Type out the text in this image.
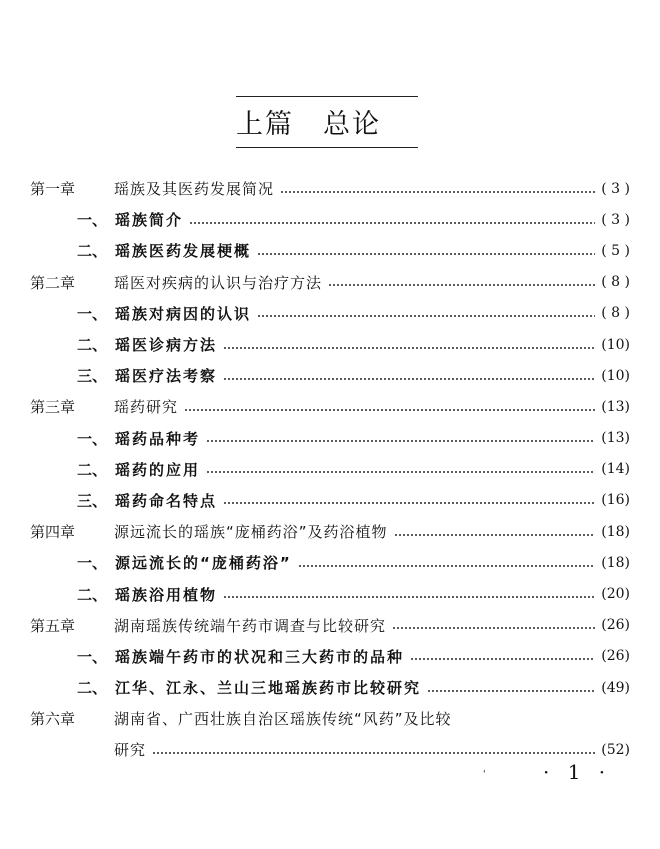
上篇　总论
第一章	瑶族及其医药发展简况	( 3 )
一、 瑶族简介	( 3 )
二、 瑶族医药发展梗概	( 5 )
第二章	瑶医对疾病的认识与治疗方法	( 8 )
一、 瑶族对病因的认识	( 8 )
二、 瑶医诊病方法	(10)
三、 瑶医疗法考察	(10)
第三章	瑶药研究	(13)
一、 瑶药品种考	(13)
二、 瑶药的应用	(14)
三、 瑶药命名特点	(16)
第四章	源远流长的瑶族“庞桶药浴”及药浴植物	(18)
一、 源远流长的“庞桶药浴”	(18)
二、 瑶族浴用植物	(20)
第五章	湖南瑶族传统端午药市调查与比较研究	(26)
一、 瑶族端午药市的状况和三大药市的品种	(26)
二、 江华、江永、兰山三地瑶族药市比较研究	(49)
第六章	湖南省、广西壮族自治区瑶族传统“风药”及比较
研究	(52)
'	· 1 ·
